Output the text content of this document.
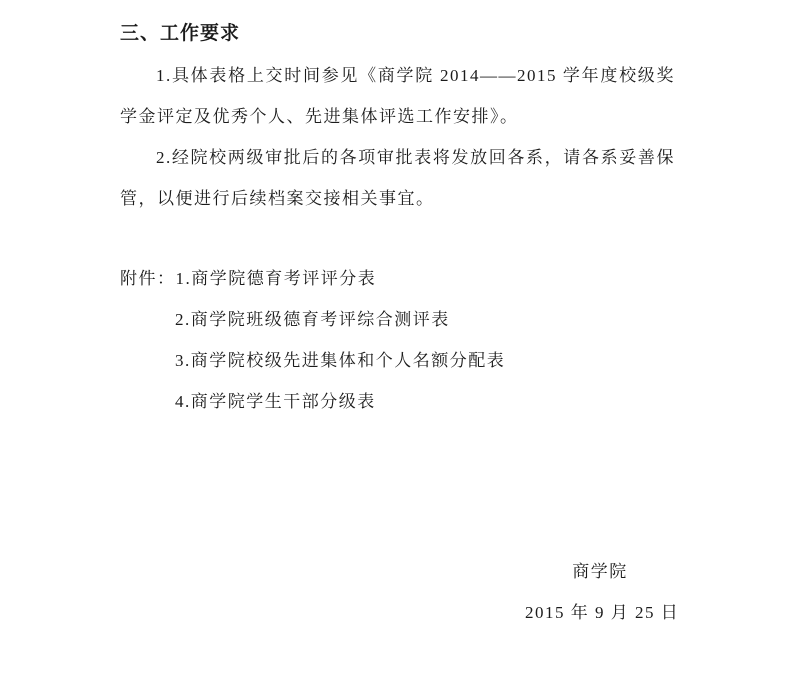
三、工作要求

1.具体表格上交时间参见《商学院 2014——2015 学年度校级奖学金评定及优秀个人、先进集体评选工作安排》。

2.经院校两级审批后的各项审批表将发放回各系，请各系妥善保管，以便进行后续档案交接相关事宜。

附件：1.商学院德育考评评分表
2.商学院班级德育考评综合测评表
3.商学院校级先进集体和个人名额分配表
4.商学院学生干部分级表
商学院
2015 年 9 月 25 日
